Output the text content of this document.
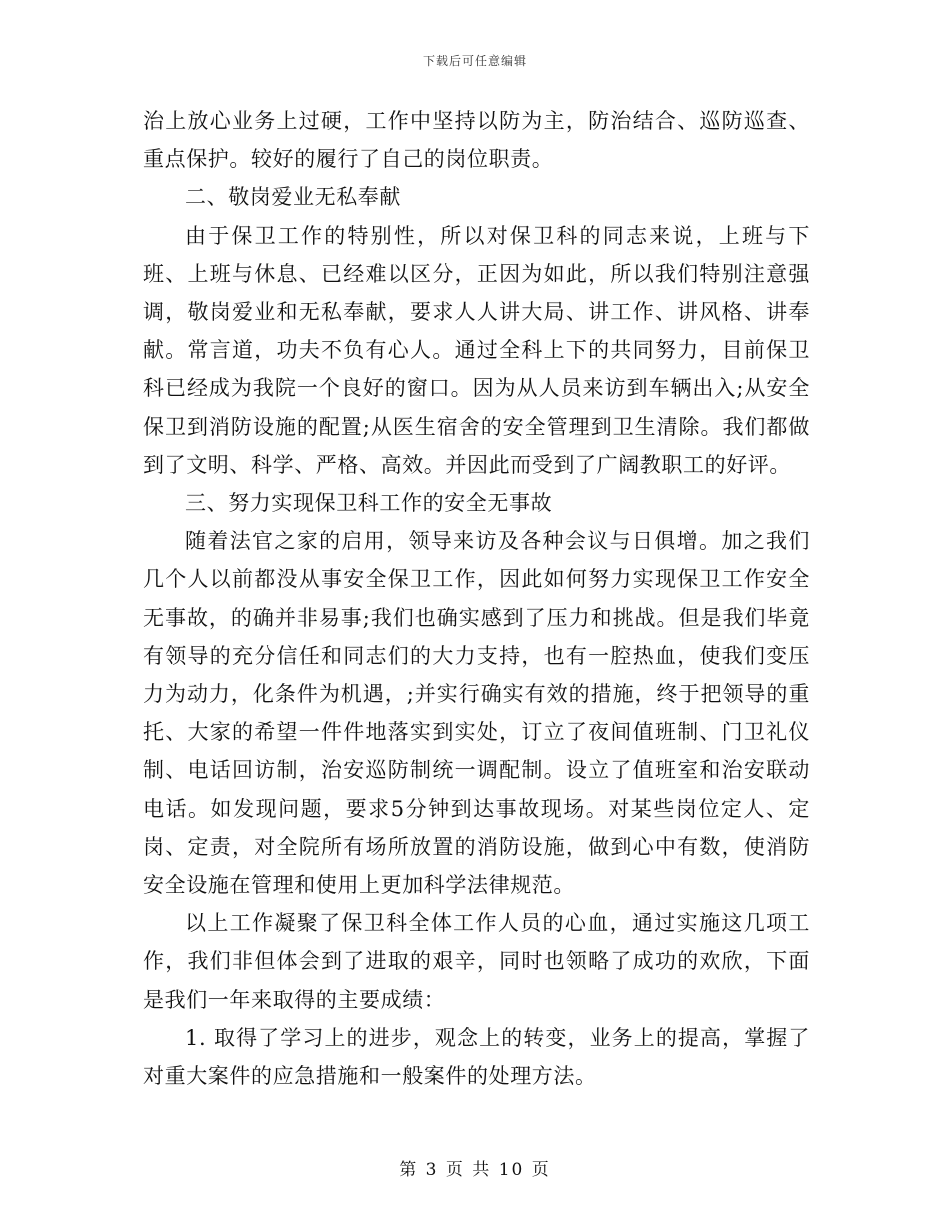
下载后可任意编辑

治上放心业务上过硬，工作中坚持以防为主，防治结合、巡防巡查、重点保护。较好的履行了自己的岗位职责。

二、敬岗爱业无私奉献

由于保卫工作的特别性，所以对保卫科的同志来说，上班与下班、上班与休息、已经难以区分，正因为如此，所以我们特别注意强调，敬岗爱业和无私奉献，要求人人讲大局、讲工作、讲风格、讲奉献。常言道，功夫不负有心人。通过全科上下的共同努力，目前保卫科已经成为我院一个良好的窗口。因为从人员来访到车辆出入;从安全保卫到消防设施的配置;从医生宿舍的安全管理到卫生清除。我们都做到了文明、科学、严格、高效。并因此而受到了广阔教职工的好评。

三、努力实现保卫科工作的安全无事故

随着法官之家的启用，领导来访及各种会议与日俱增。加之我们几个人以前都没从事安全保卫工作，因此如何努力实现保卫工作安全无事故，的确并非易事;我们也确实感到了压力和挑战。但是我们毕竟有领导的充分信任和同志们的大力支持，也有一腔热血，使我们变压力为动力，化条件为机遇，;并实行确实有效的措施，终于把领导的重托、大家的希望一件件地落实到实处，订立了夜间值班制、门卫礼仪制、电话回访制，治安巡防制统一调配制。设立了值班室和治安联动电话。如发现问题，要求5分钟到达事故现场。对某些岗位定人、定岗、定责，对全院所有场所放置的消防设施，做到心中有数，使消防安全设施在管理和使用上更加科学法律规范。

以上工作凝聚了保卫科全体工作人员的心血，通过实施这几项工作，我们非但体会到了进取的艰辛，同时也领略了成功的欢欣，下面是我们一年来取得的主要成绩：

1. 取得了学习上的进步，观念上的转变，业务上的提高，掌握了对重大案件的应急措施和一般案件的处理方法。

第 3 页 共 10 页
